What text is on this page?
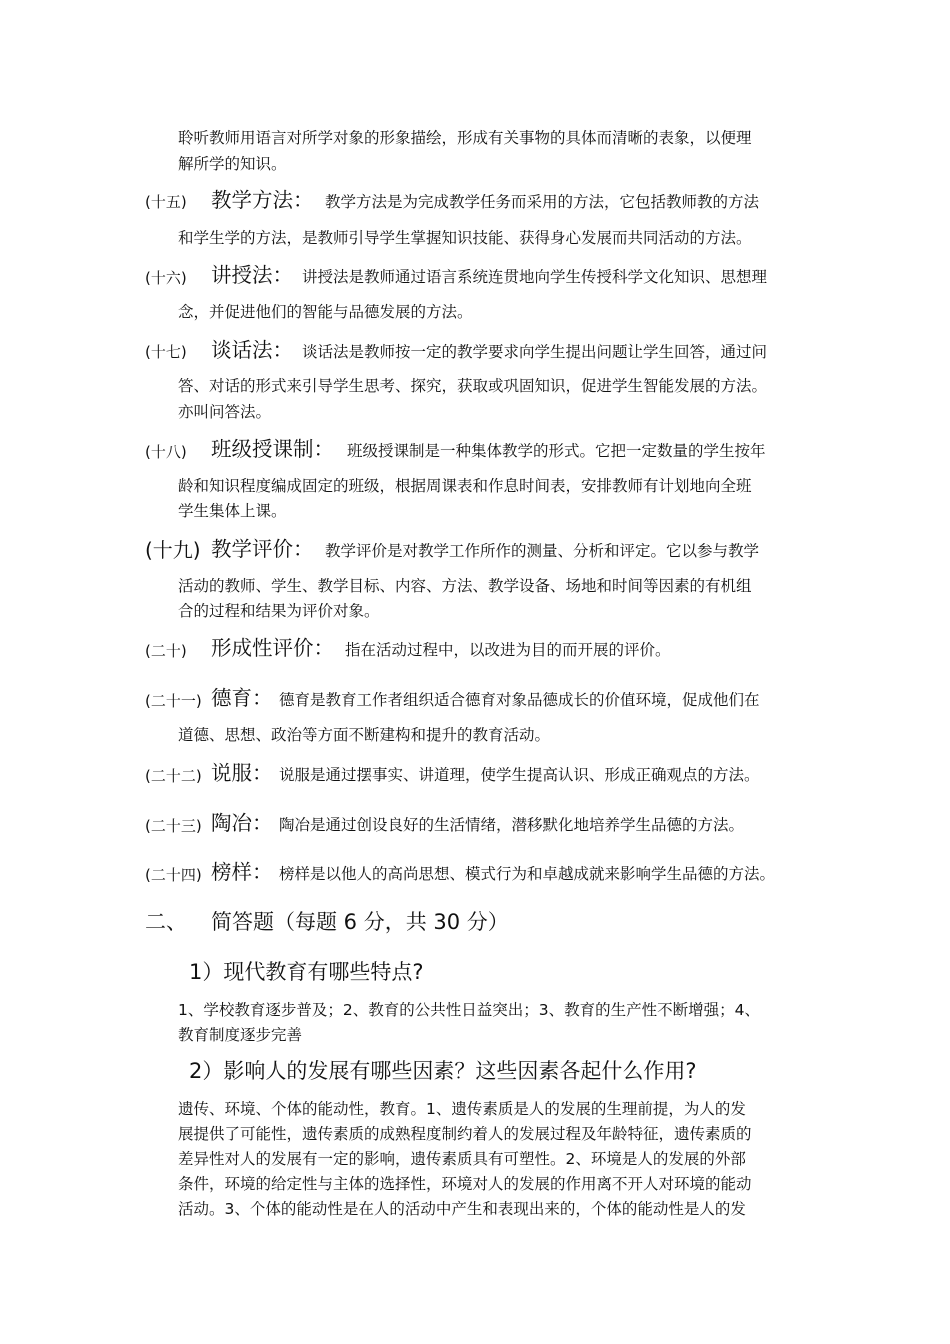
聆听教师用语言对所学对象的形象描绘，形成有关事物的具体而清晰的表象，以便理
解所学的知识。
(十五) 教学方法： 教学方法是为完成教学任务而采用的方法，它包括教师教的方法
和学生学的方法，是教师引导学生掌握知识技能、获得身心发展而共同活动的方法。
(十六) 讲授法： 讲授法是教师通过语言系统连贯地向学生传授科学文化知识、思想理
念，并促进他们的智能与品德发展的方法。
(十七) 谈话法： 谈话法是教师按一定的教学要求向学生提出问题让学生回答，通过问
答、对话的形式来引导学生思考、探究，获取或巩固知识，促进学生智能发展的方法。
亦叫问答法。
(十八) 班级授课制： 班级授课制是一种集体教学的形式。它把一定数量的学生按年
龄和知识程度编成固定的班级，根据周课表和作息时间表，安排教师有计划地向全班
学生集体上课。
(十九) 教学评价： 教学评价是对教学工作所作的测量、分析和评定。它以参与教学
活动的教师、学生、教学目标、内容、方法、教学设备、场地和时间等因素的有机组
合的过程和结果为评价对象。
(二十) 形成性评价： 指在活动过程中，以改进为目的而开展的评价。
(二十一) 德育： 德育是教育工作者组织适合德育对象品德成长的价值环境，促成他们在
道德、思想、政治等方面不断建构和提升的教育活动。
(二十二) 说服： 说服是通过摆事实、讲道理，使学生提高认识、形成正确观点的方法。
(二十三) 陶冶： 陶冶是通过创设良好的生活情绪，潜移默化地培养学生品德的方法。
(二十四) 榜样： 榜样是以他人的高尚思想、模式行为和卓越成就来影响学生品德的方法。
二、 简答题（每题 6 分，共 30 分）
1）现代教育有哪些特点?
1、学校教育逐步普及；2、教育的公共性日益突出；3、教育的生产性不断增强；4、
教育制度逐步完善
2）影响人的发展有哪些因素？这些因素各起什么作用?
遗传、环境、个体的能动性，教育。1、遗传素质是人的发展的生理前提，为人的发
展提供了可能性，遗传素质的成熟程度制约着人的发展过程及年龄特征，遗传素质的
差异性对人的发展有一定的影响，遗传素质具有可塑性。2、环境是人的发展的外部
条件，环境的给定性与主体的选择性，环境对人的发展的作用离不开人对环境的能动
活动。3、个体的能动性是在人的活动中产生和表现出来的，个体的能动性是人的发
